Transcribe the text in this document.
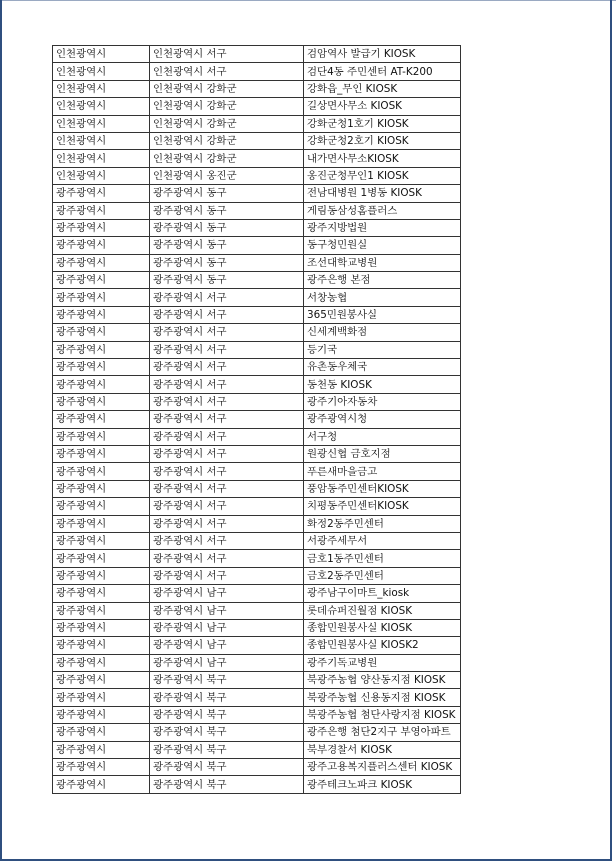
인천광역시	인천광역시 서구	검암역사 발급기 KIOSK
인천광역시	인천광역시 서구	검단4동 주민센터 AT-K200
인천광역시	인천광역시 강화군	강화읍_무인 KIOSK
인천광역시	인천광역시 강화군	길상면사무소 KIOSK
인천광역시	인천광역시 강화군	강화군청1호기 KIOSK
인천광역시	인천광역시 강화군	강화군청2호기 KIOSK
인천광역시	인천광역시 강화군	내가면사무소KIOSK
인천광역시	인천광역시 옹진군	옹진군청무인1 KIOSK
광주광역시	광주광역시 동구	전남대병원 1병동 KIOSK
광주광역시	광주광역시 동구	게림동삼성홈플러스
광주광역시	광주광역시 동구	광주지방법원
광주광역시	광주광역시 동구	동구청민원실
광주광역시	광주광역시 동구	조선대학교병원
광주광역시	광주광역시 동구	광주은행 본점
광주광역시	광주광역시 서구	서창농협
광주광역시	광주광역시 서구	365민원봉사실
광주광역시	광주광역시 서구	신세계백화점
광주광역시	광주광역시 서구	등기국
광주광역시	광주광역시 서구	유촌동우체국
광주광역시	광주광역시 서구	동천동 KIOSK
광주광역시	광주광역시 서구	광주기아자동차
광주광역시	광주광역시 서구	광주광역시청
광주광역시	광주광역시 서구	서구청
광주광역시	광주광역시 서구	원광신협 금호지점
광주광역시	광주광역시 서구	푸른새마을금고
광주광역시	광주광역시 서구	풍암동주민센터KIOSK
광주광역시	광주광역시 서구	치평동주민센터KIOSK
광주광역시	광주광역시 서구	화정2동주민센터
광주광역시	광주광역시 서구	서광주세무서
광주광역시	광주광역시 서구	금호1동주민센터
광주광역시	광주광역시 서구	금호2동주민센터
광주광역시	광주광역시 남구	광주남구이마트_kiosk
광주광역시	광주광역시 남구	롯데슈퍼진월점 KIOSK
광주광역시	광주광역시 남구	종합민원봉사실 KIOSK
광주광역시	광주광역시 남구	종합민원봉사실 KIOSK2
광주광역시	광주광역시 남구	광주기독교병원
광주광역시	광주광역시 북구	북광주농협 양산동지점 KIOSK
광주광역시	광주광역시 북구	북광주농협 신용동지점 KIOSK
광주광역시	광주광역시 북구	북광주농협 첨단사랑지점 KIOSK
광주광역시	광주광역시 북구	광주은행 첨단2지구 부영아파트
광주광역시	광주광역시 북구	북부경찰서 KIOSK
광주광역시	광주광역시 북구	광주고용복지플러스센터 KIOSK
광주광역시	광주광역시 북구	광주테크노파크 KIOSK
